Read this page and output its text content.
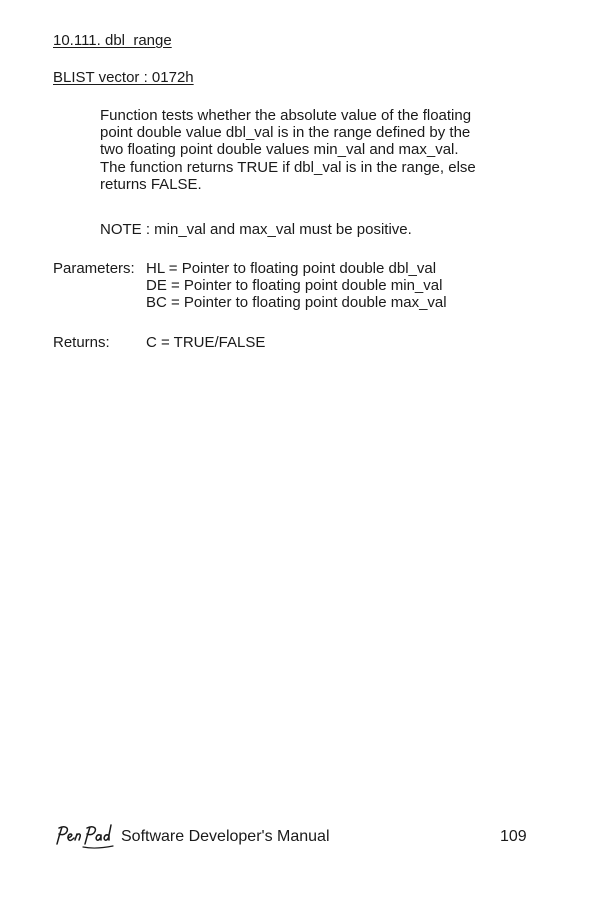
10.111. dbl_range
BLIST vector : 0172h
Function tests whether the absolute value of the floating
point double value dbl_val is in the range defined by the
two floating point double values min_val and max_val.
The function returns TRUE if dbl_val is in the range, else
returns FALSE.
NOTE : min_val and max_val must be positive.
Parameters: HL = Pointer to floating point double dbl_val
DE = Pointer to floating point double min_val
BC = Pointer to floating point double max_val
Returns: C = TRUE/FALSE
Software Developer's Manual	109
